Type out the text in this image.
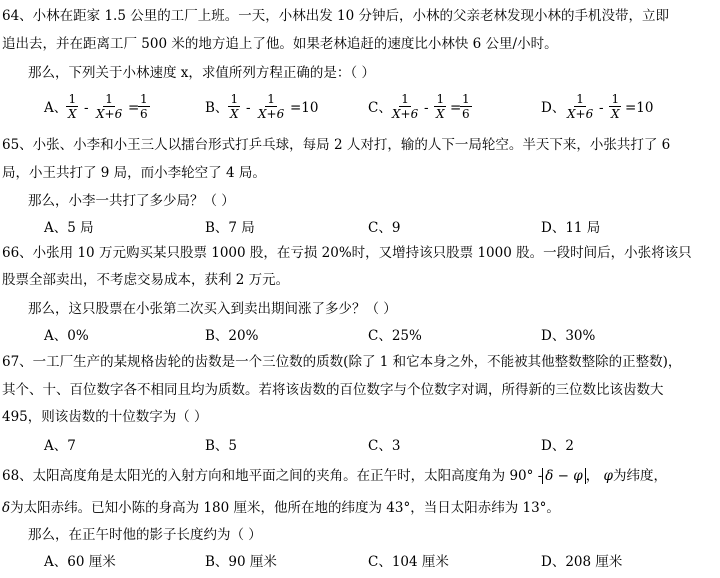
64、小林在距家 1.5 公里的工厂上班。一天，小林出发 10 分钟后，小林的父亲老林发现小林的手机没带，立即
追出去，并在距离工厂 500 米的地方追上了他。如果老林追赶的速度比小林快 6 公里/小时。
那么，下列关于小林速度 x，求值所列方程正确的是：（ ）
A、
$\frac{1}{X} - \frac{1}{X+6}$ =
$\frac{1}{6}$	B、 $\frac{1}{X} - \frac{1}{X+6} =10$	C、
$\frac{1}{X+6} - \frac{1}{X}$ =
$\frac{1}{6}$	D、 $\frac{1}{X+6} - \frac{1}{X} =10$
65、小张、小李和小王三人以擂台形式打乒乓球，每局 2 人对打，输的人下一局轮空。半天下来，小张共打了 6
局，小王共打了 9 局，而小李轮空了 4 局。
那么，小李一共打了多少局？（ ）
A、5 局	B、7 局	C、9	D、11 局
66、小张用 10 万元购买某只股票 1000 股，在亏损 20%时，又增持该只股票 1000 股。一段时间后，小张将该只
股票全部卖出，不考虑交易成本，获利 2 万元。
那么，这只股票在小张第二次买入到卖出期间涨了多少？（ ）
A、0%	B、20%	C、25%	D、30%
67、一工厂生产的某规格齿轮的齿数是一个三位数的质数(除了 1 和它本身之外，不能被其他整数整除的正整数)，
其个、十、百位数字各不相同且均为质数。若将该齿数的百位数字与个位数字对调，所得新的三位数比该齿数大
495，则该齿数的十位数字为（ ）
A、7	B、5	C、3	D、2
68、太阳高度角是太阳光的入射方向和地平面之间的夹角。在正午时，太阳高度角为 90° - δ − φ ， φ为纬度，
δ为太阳赤纬。已知小陈的身高为 180 厘米，他所在地的纬度为 43°，当日太阳赤纬为 13°。
那么，在正午时他的影子长度约为（ ）
A、60 厘米	B、90 厘米	C、104 厘米	D、208 厘米
